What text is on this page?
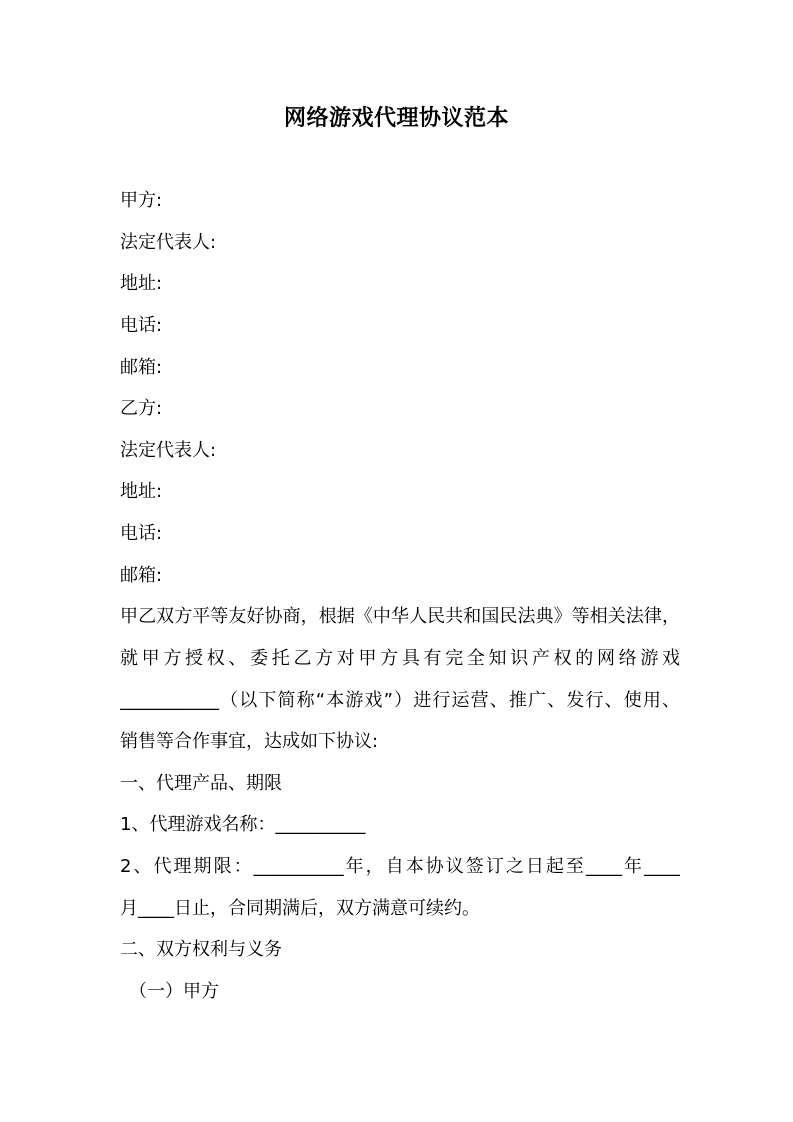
网络游戏代理协议范本
甲方:
法定代表人:
地址:
电话:
邮箱:
乙方:
法定代表人:
地址:
电话:
邮箱:
甲乙双方平等友好协商，根据《中华人民共和国民法典》等相关法律，
就甲方授权、委托乙方对甲方具有完全知识产权的网络游戏
___________（以下简称“本游戏”）进行运营、推广、发行、使用、
销售等合作事宜，达成如下协议:
一、代理产品、期限
1、代理游戏名称：__________
2、代理期限：__________年，自本协议签订之日起至____年____
月____日止，合同期满后，双方满意可续约。
二、双方权利与义务
（一）甲方
